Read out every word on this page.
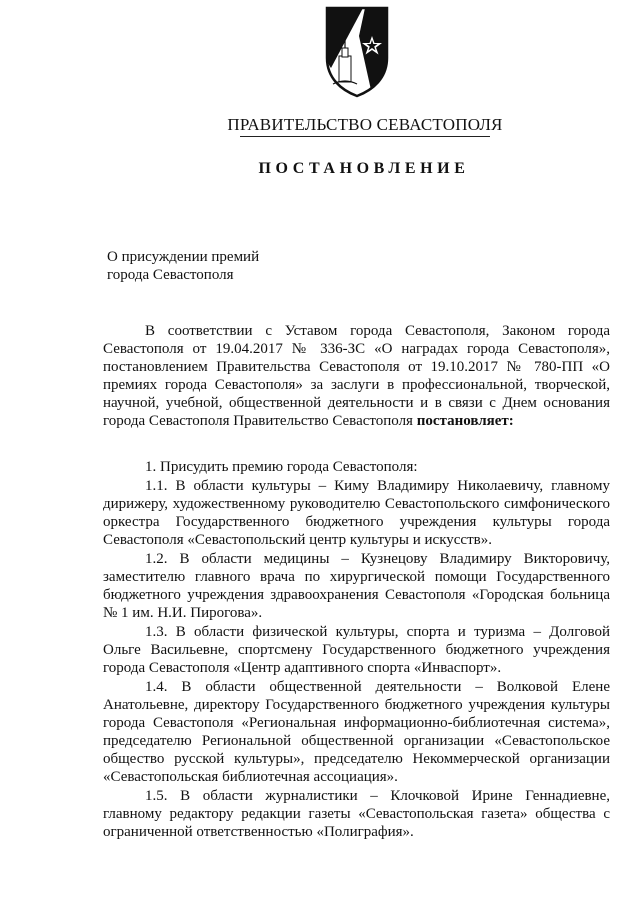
ПРАВИТЕЛЬСТВО СЕВАСТОПОЛЯ
ПОСТАНОВЛЕНИЕ
О присуждении премий
города Севастополя

В соответствии с Уставом города Севастополя, Законом города Севастополя от 19.04.2017 № 336-ЗС «О наградах города Севастополя», постановлением Правительства Севастополя от 19.10.2017 № 780-ПП «О премиях города Севастополя» за заслуги в профессиональной, творческой, научной, учебной, общественной деятельности и в связи с Днем основания города Севастополя Правительство Севастополя постановляет:

1. Присудить премию города Севастополя:

1.1. В области культуры – Киму Владимиру Николаевичу, главному дирижеру, художественному руководителю Севастопольского симфонического оркестра Государственного бюджетного учреждения культуры города Севастополя «Севастопольский центр культуры и искусств».

1.2. В области медицины – Кузнецову Владимиру Викторовичу, заместителю главного врача по хирургической помощи Государственного бюджетного учреждения здравоохранения Севастополя «Городская больница № 1 им. Н.И. Пирогова».

1.3. В области физической культуры, спорта и туризма – Долговой Ольге Васильевне, спортсмену Государственного бюджетного учреждения города Севастополя «Центр адаптивного спорта «Инваспорт».

1.4. В области общественной деятельности – Волковой Елене Анатольевне, директору Государственного бюджетного учреждения культуры города Севастополя «Региональная информационно-библиотечная система», председателю Региональной общественной организации «Севастопольское общество русской культуры», председателю Некоммерческой организации «Севастопольская библиотечная ассоциация».

1.5. В области журналистики – Клочковой Ирине Геннадиевне, главному редактору редакции газеты «Севастопольская газета» общества с ограниченной ответственностью «Полиграфия».
